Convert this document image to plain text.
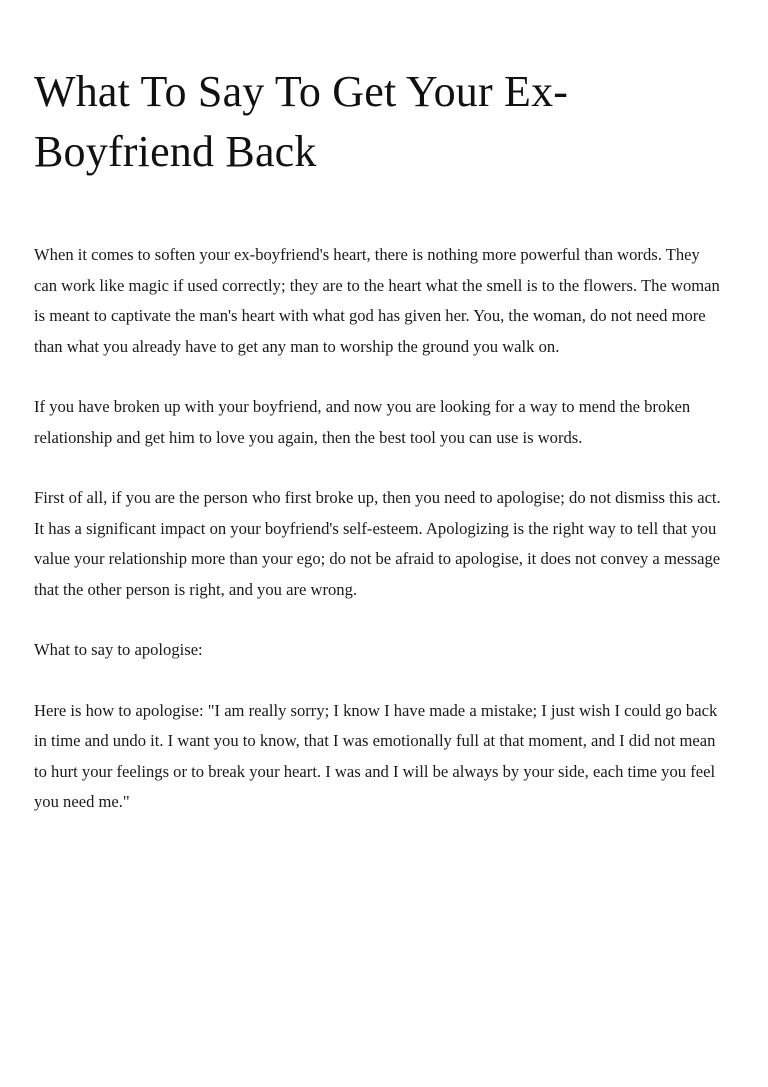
What To Say To Get Your Ex-Boyfriend Back

When it comes to soften your ex-boyfriend's heart, there is nothing more powerful than words. They can work like magic if used correctly; they are to the heart what the smell is to the flowers. The woman is meant to captivate the man's heart with what god has given her. You, the woman, do not need more than what you already have to get any man to worship the ground you walk on.

If you have broken up with your boyfriend, and now you are looking for a way to mend the broken relationship and get him to love you again, then the best tool you can use is words.

First of all, if you are the person who first broke up, then you need to apologise; do not dismiss this act. It has a significant impact on your boyfriend's self-esteem. Apologizing is the right way to tell that you value your relationship more than your ego; do not be afraid to apologise, it does not convey a message that the other person is right, and you are wrong.

What to say to apologise:

Here is how to apologise: "I am really sorry; I know I have made a mistake; I just wish I could go back in time and undo it. I want you to know, that I was emotionally full at that moment, and I did not mean to hurt your feelings or to break your heart. I was and I will be always by your side, each time you feel you need me."
